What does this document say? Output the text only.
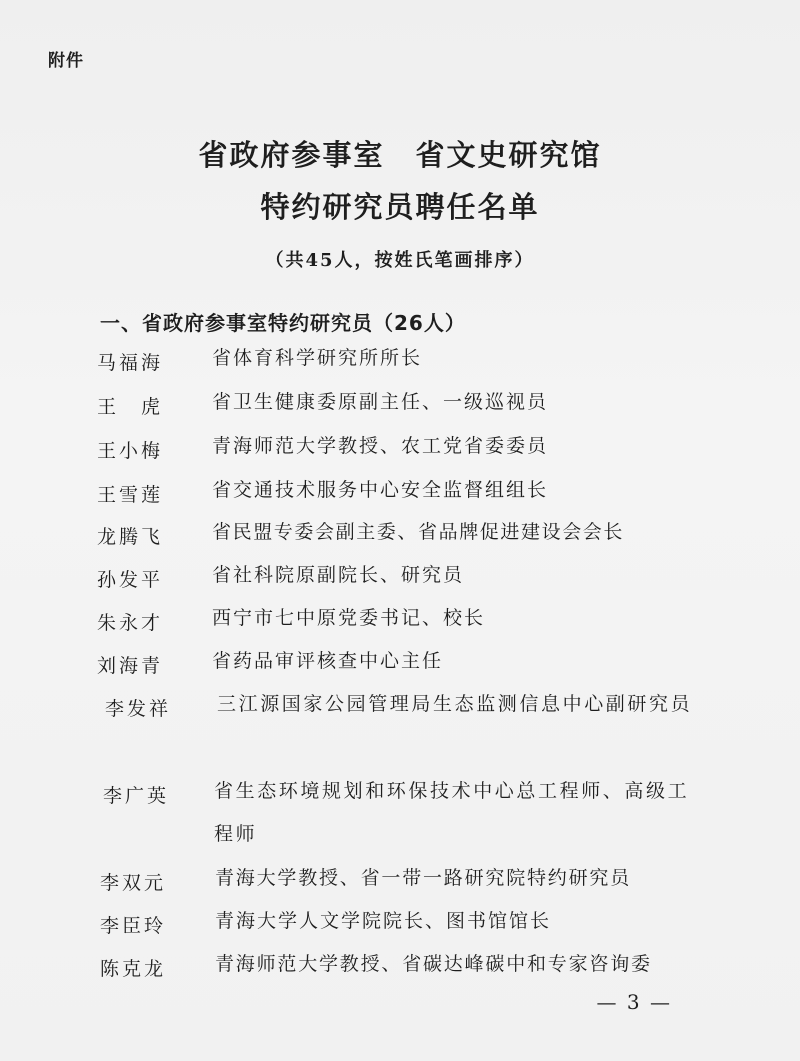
附件
省政府参事室　省文史研究馆
特约研究员聘任名单
（共45人，按姓氏笔画排序）
一、省政府参事室特约研究员（26人）
马福海	省体育科学研究所所长
王　虎	省卫生健康委原副主任、一级巡视员
王小梅	青海师范大学教授、农工党省委委员
王雪莲	省交通技术服务中心安全监督组组长
龙腾飞	省民盟专委会副主委、省品牌促进建设会会长
孙发平	省社科院原副院长、研究员
朱永才	西宁市七中原党委书记、校长
刘海青	省药品审评核查中心主任
李发祥 三江源国家公园管理局生态监测信息中心副研究员
李广英 省生态环境规划和环保技术中心总工程师、高级工程师
李双元	青海大学教授、省一带一路研究院特约研究员
李臣玲	青海大学人文学院院长、图书馆馆长
陈克龙	青海师范大学教授、省碳达峰碳中和专家咨询委
— 3 —
